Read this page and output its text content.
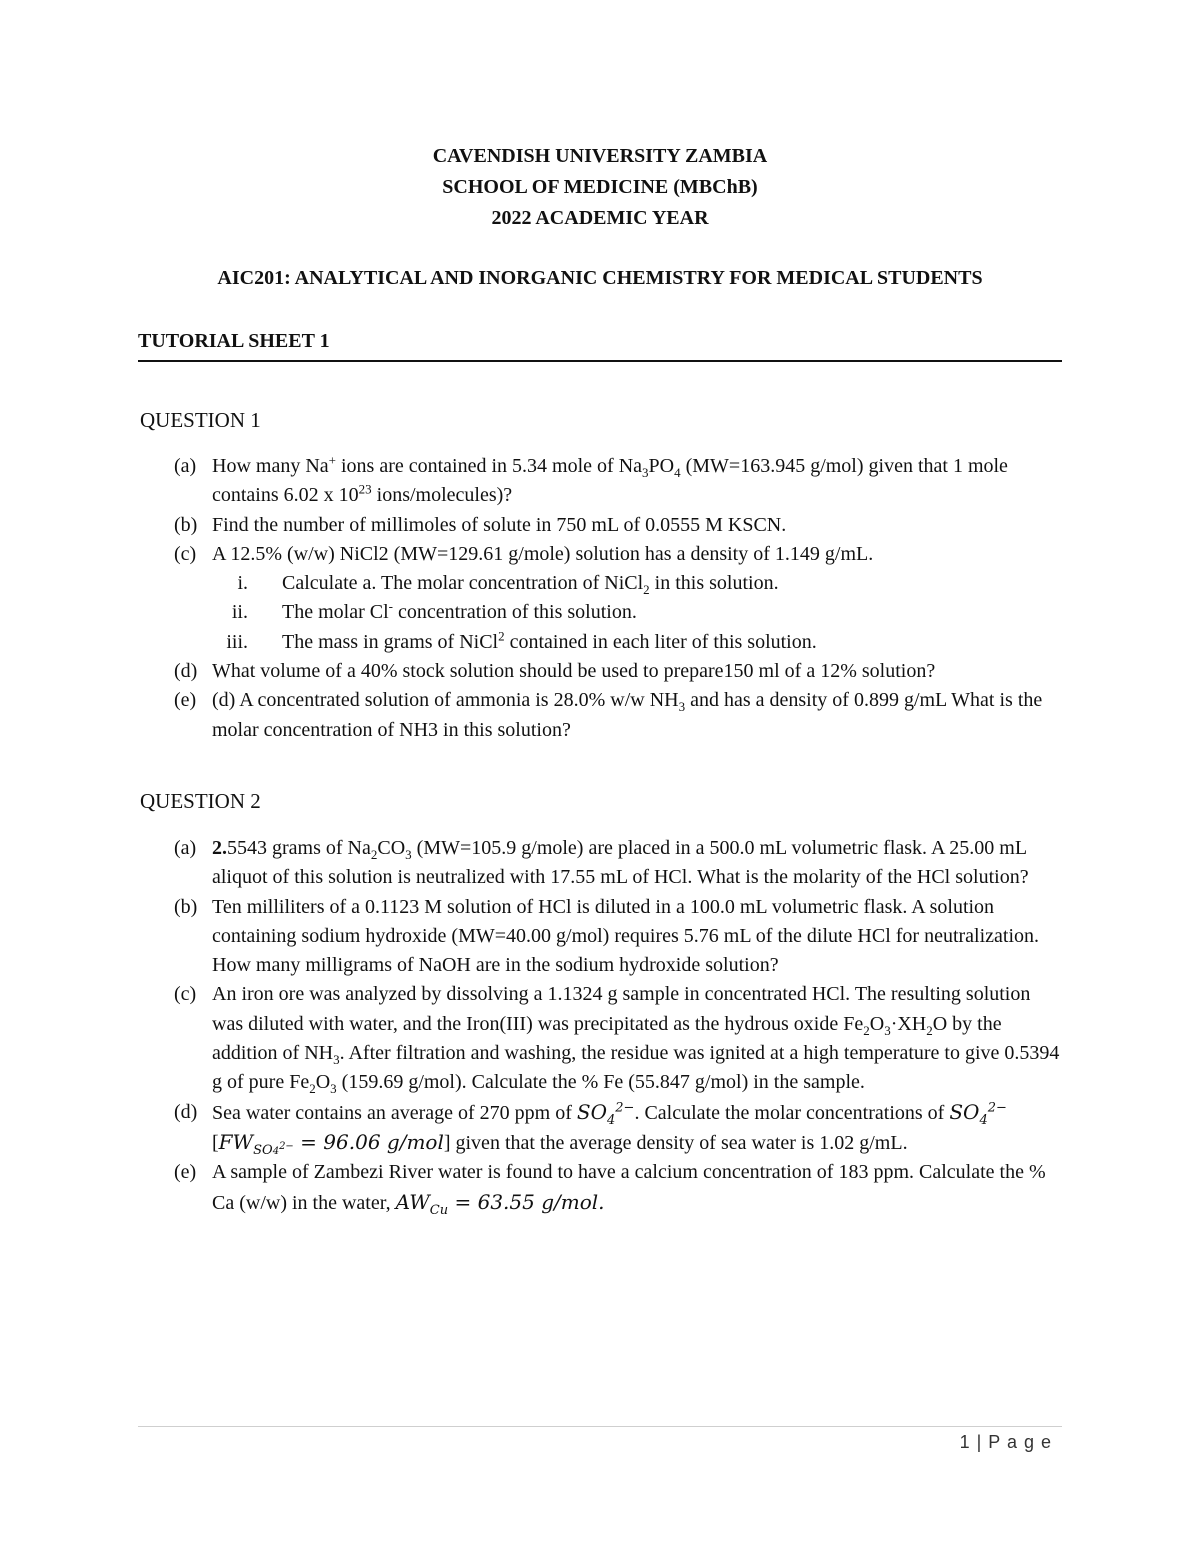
CAVENDISH UNIVERSITY ZAMBIA
SCHOOL OF MEDICINE (MBChB)
2022 ACADEMIC YEAR
AIC201: ANALYTICAL AND INORGANIC CHEMISTRY FOR MEDICAL STUDENTS
TUTORIAL SHEET 1
QUESTION 1
(a) How many Na+ ions are contained in 5.34 mole of $Na_3PO_4$ (MW=163.945 g/mol) given that 1 mole contains 6.02 x $10^{23}$ ions/molecules)?
(b) Find the number of millimoles of solute in 750 mL of 0.0555 M KSCN.
(c) A 12.5% (w/w) NiCl2 (MW=129.61 g/mole) solution has a density of 1.149 g/mL.
i. Calculate a. The molar concentration of NiCl$_2$ in this solution.
ii. The molar Cl- concentration of this solution.
iii. The mass in grams of NiCl$^2$ contained in each liter of this solution.
(d) What volume of a 40% stock solution should be used to prepare150 ml of a 12% solution?
(e) (d) A concentrated solution of ammonia is 28.0% w/w $NH_3$ and has a density of 0.899 g/mL What is the molar concentration of NH3 in this solution?
QUESTION 2
(a) 2.5543 grams of $Na_2CO_3$ (MW=105.9 g/mole) are placed in a 500.0 mL volumetric flask. A 25.00 mL aliquot of this solution is neutralized with 17.55 mL of HCl. What is the molarity of the HCl solution?
(b) Ten milliliters of a 0.1123 M solution of HCl is diluted in a 100.0 mL volumetric flask. A solution containing sodium hydroxide (MW=40.00 g/mol) requires 5.76 mL of the dilute HCl for neutralization. How many milligrams of NaOH are in the sodium hydroxide solution?
(c) An iron ore was analyzed by dissolving a 1.1324 g sample in concentrated HCl. The resulting solution was diluted with water, and the Iron(III) was precipitated as the hydrous oxide $Fe_2O_3\cdot XH_2O$ by the addition of $NH_3$. After filtration and washing, the residue was ignited at a high temperature to give 0.5394 g of pure $Fe_2O_3$ (159.69 g/mol). Calculate the % Fe (55.847 g/mol) in the sample.
(d) Sea water contains an average of 270 ppm of $SO_4^{2-}$. Calculate the molar concentrations of $SO_4^{2-}$ [$FW_{SO4^{2-}} = 96.06$ g/mol] given that the average density of sea water is 1.02 g/mL.
(e) A sample of Zambezi River water is found to have a calcium concentration of 183 ppm. Calculate the % Ca (w/w) in the water, $AW_{Cu} = 63.55$ g/mol.
1 | P a g e
